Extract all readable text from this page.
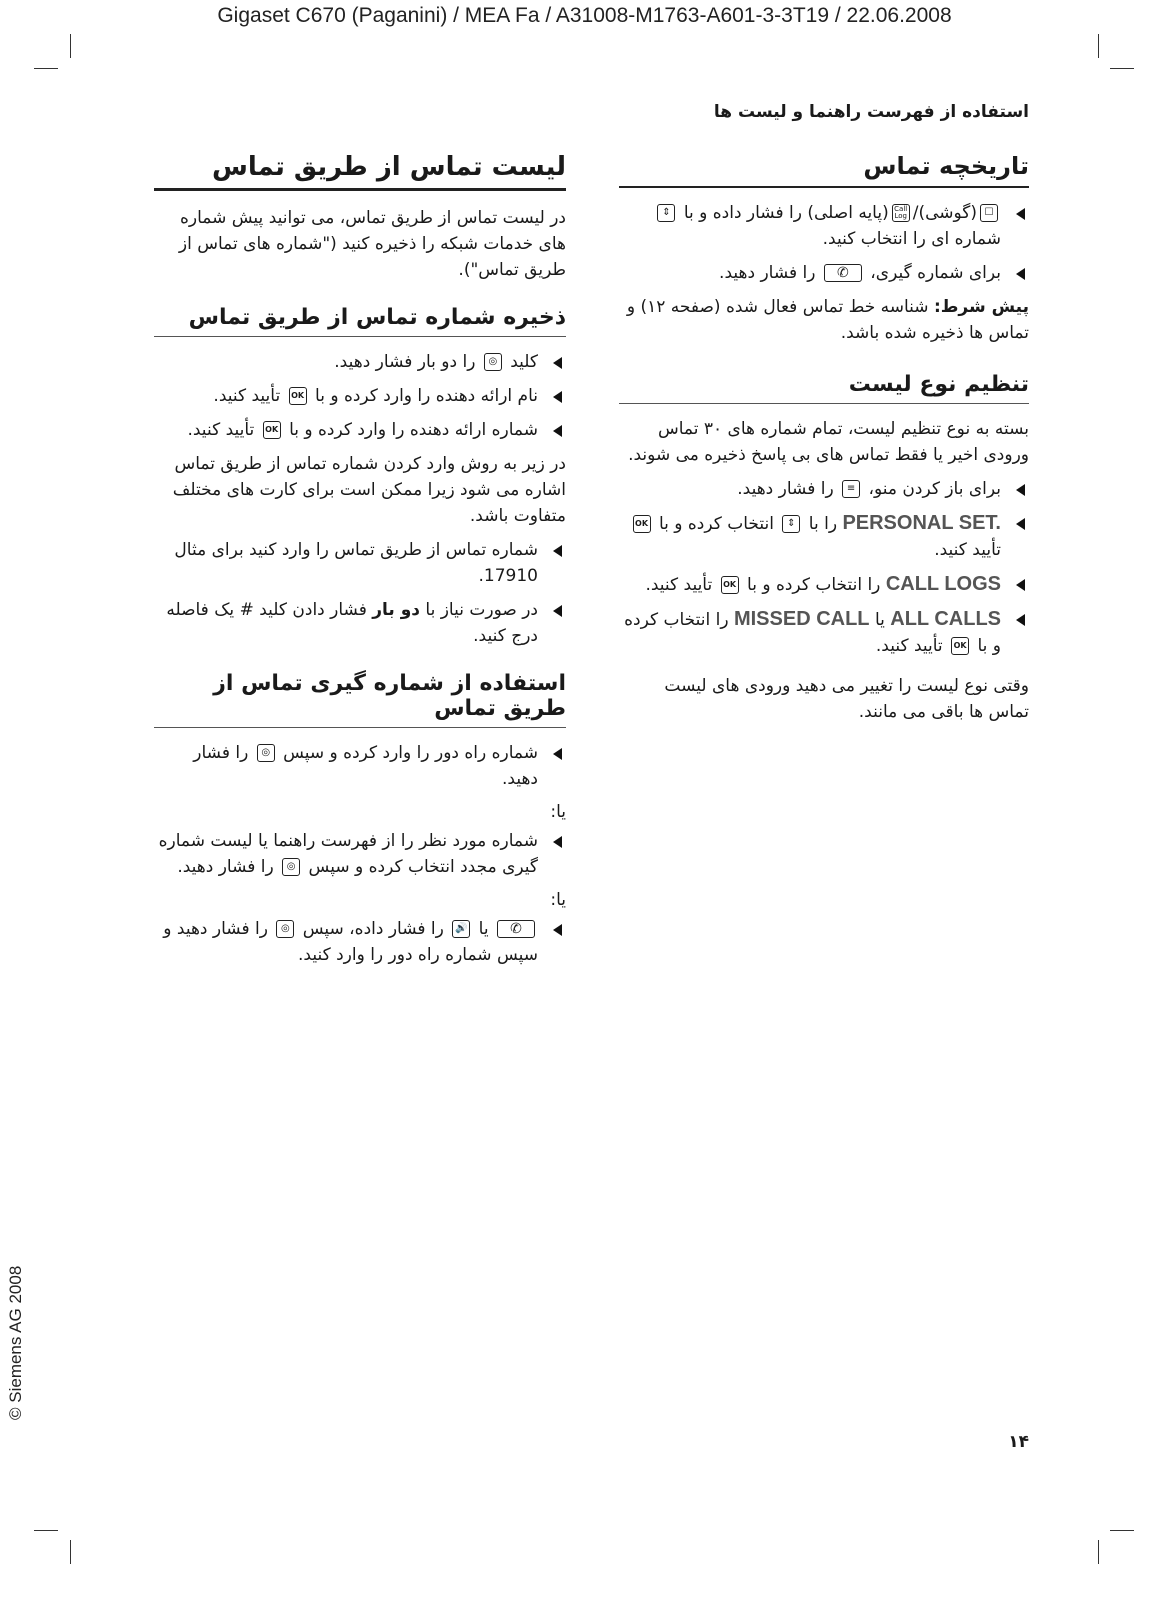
Gigaset C670 (Paganini) / MEA Fa / A31008-M1763-A601-3-3T19 / 22.06.2008
استفاده از فهرست راهنما و لیست ها
تاریخچه تماس
☐(گوشی)/Call
Log(پایه اصلی) را فشار داده و با ⇕ شماره ای را انتخاب کنید.
برای شماره گیری، ✆ را فشار دهید.

پیش شرط: شناسه خط تماس فعال شده (صفحه ۱۲) و تماس ها ذخیره شده باشد.

تنظیم نوع لیست

بسته به نوع تنظیم لیست، تمام شماره های ۳۰ تماس ورودی اخیر یا فقط تماس های بی پاسخ ذخیره می شوند.

برای باز کردن منو، ≡ را فشار دهید.
PERSONAL SET. را با ⇕ انتخاب کرده و با OK تأیید کنید.
CALL LOGS را انتخاب کرده و با OK تأیید کنید.
ALL CALLS یا MISSED CALL را انتخاب کرده و با OK تأیید کنید.

وقتی نوع لیست را تغییر می دهید ورودی های لیست تماس ها باقی می مانند.

لیست تماس از طریق تماس

در لیست تماس از طریق تماس، می توانید پیش شماره های خدمات شبکه را ذخیره کنید ("شماره های تماس از طریق تماس").

ذخیره شماره تماس از طریق تماس
کلید ◎ را دو بار فشار دهید.
نام ارائه دهنده را وارد کرده و با OK تأیید کنید.
شماره ارائه دهنده را وارد کرده و با OK تأیید کنید.

در زیر به روش وارد کردن شماره تماس از طریق تماس اشاره می شود زیرا ممکن است برای کارت های مختلف متفاوت باشد.

شماره تماس از طریق تماس را وارد کنید برای مثال 17910.
در صورت نیاز با دو بار فشار دادن کلید # یک فاصله درج کنید.
استفاده از شماره گیری تماس از طریق تماس
شماره راه دور را وارد کرده و سپس ◎ را فشار دهید.
یا:
شماره مورد نظر را از فهرست راهنما یا لیست شماره گیری مجدد انتخاب کرده و سپس ◎ را فشار دهید.
یا:
✆ یا 🔊 را فشار داده، سپس ◎ را فشار دهید و سپس شماره راه دور را وارد کنید.
۱۴
© Siemens AG 2008
